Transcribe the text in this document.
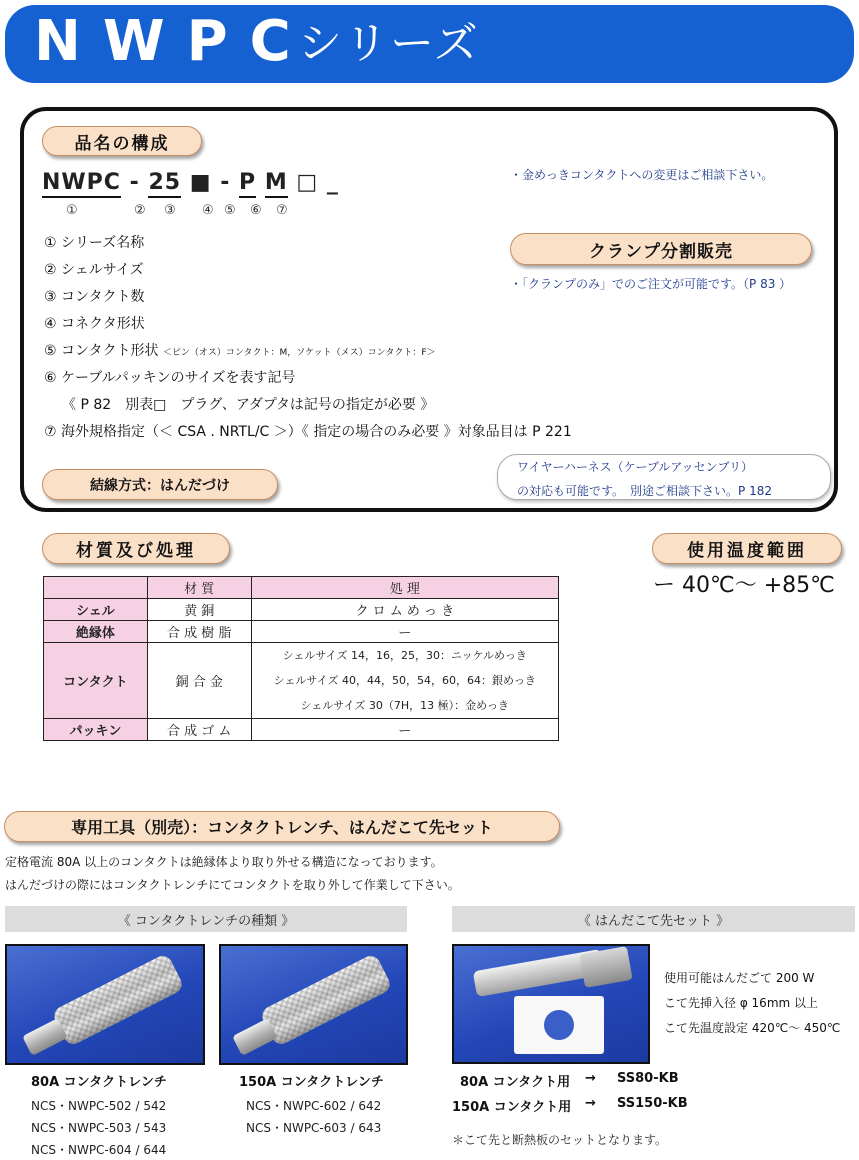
NWPC
シリーズ
品名の構成
NWPC - 25 ■ - P M □ _
①	② ③ ④ ⑤ ⑥ ⑦
・金めっきコンタクトへの変更はご相談下さい。
① シリーズ名称
② シェルサイズ
③ コンタクト数
④ コネクタ形状
⑤ コンタクト形状 ＜ピン（オス）コンタクト：M，ソケット（メス）コンタクト：F＞
⑥ ケーブルパッキンのサイズを表す記号
《 P 82　別表□　プラグ、アダプタは記号の指定が必要 》
⑦ 海外規格指定（＜ CSA . NRTL/C ＞）《 指定の場合のみ必要 》対象品目は P 221
クランプ分割販売
・「クランプのみ」でのご注文が可能です。（P 83 ）
結線方式：はんだづけ
ワイヤーハーネス（ケーブルアッセンブリ）
の対応も可能です。　別途ご相談下さい。P 182
材質及び処理
	材 質	処 理
シェル	黄 銅	ク ロ ム め っ き
絶縁体	合 成 樹 脂	ー
コンタクト	銅 合 金	シェルサイズ 14，16，25，30：ニッケルめっき
シェルサイズ 40，44，50，54，60，64：銀めっき
シェルサイズ 30（7H，13 極）：金めっき

パッキン	合 成 ゴ ム	ー
使用温度範囲
ー 40℃～ +85℃
専用工具（別売）：コンタクトレンチ、はんだこて先セット
定格電流 80A 以上のコンタクトは絶縁体より取り外せる構造になっております。
はんだづけの際にはコンタクトレンチにてコンタクトを取り外して作業して下さい。
《 コンタクトレンチの種類 》	《 はんだこて先セット 》
使用可能はんだごて 200 W
こて先挿入径 φ 16mm 以上
こて先温度設定 420℃～ 450℃
80A コンタクトレンチ
NCS・NWPC-502 / 542
NCS・NWPC-503 / 543
NCS・NWPC-604 / 644
150A コンタクトレンチ
NCS・NWPC-602 / 642
NCS・NWPC-603 / 643
80A コンタクト用 → SS80-KB
150A コンタクト用 → SS150-KB
＊こて先と断熱板のセットとなります。
